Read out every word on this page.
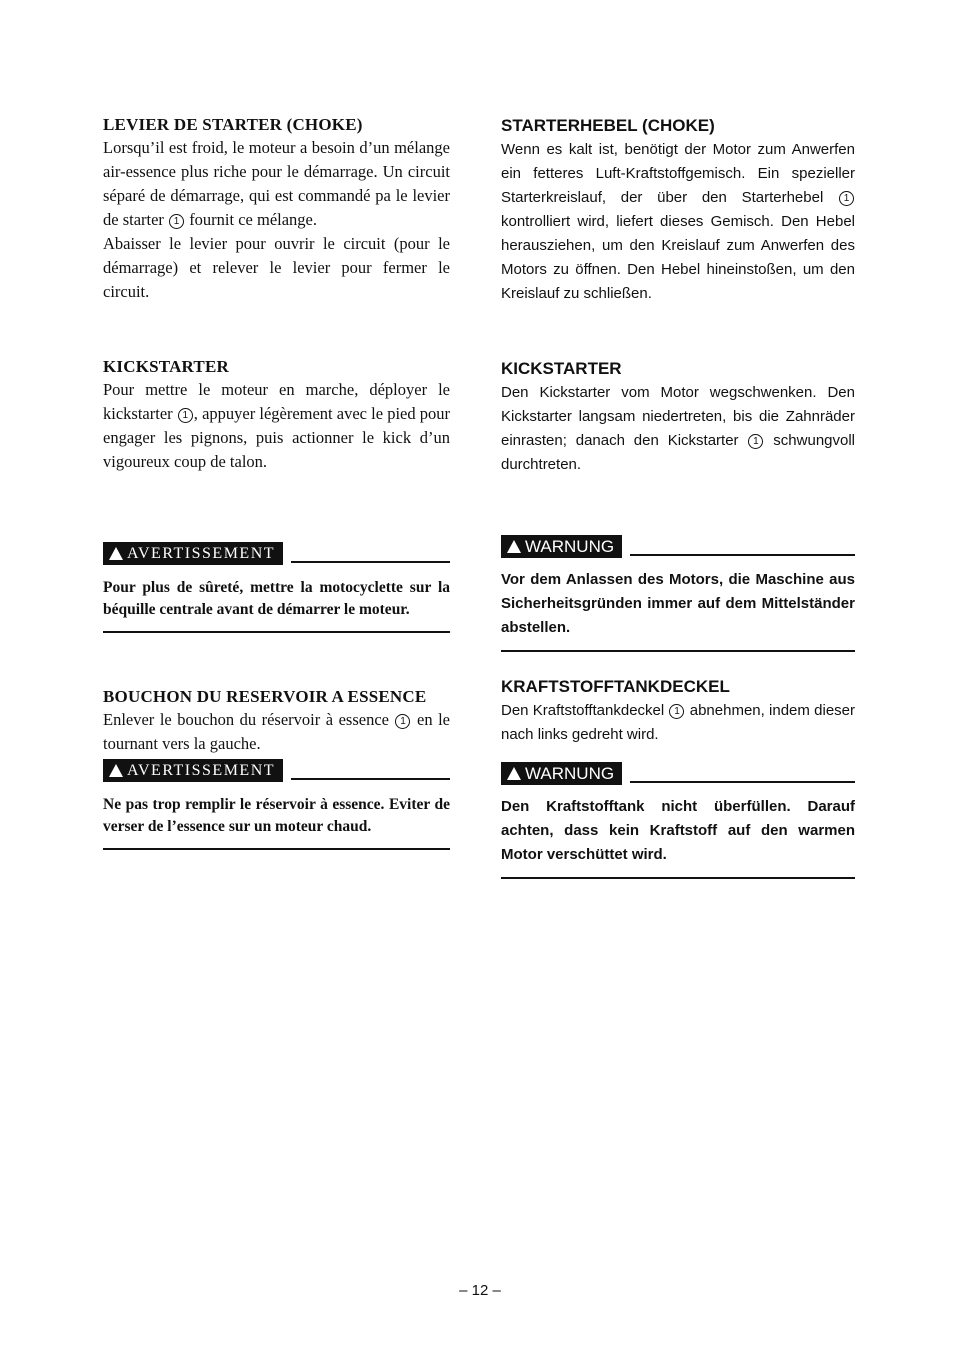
LEVIER DE STARTER (CHOKE)

Lorsqu’il est froid, le moteur a besoin d’un mélange air-essence plus riche pour le démarrage. Un circuit séparé de démarrage, qui est commandé pa le levier de starter 1 fournit ce mélange.

Abaisser le levier pour ouvrir le circuit (pour le démarrage) et relever le levier pour fermer le circuit.

KICKSTARTER

Pour mettre le moteur en marche, déployer le kickstarter 1 , appuyer légèrement avec le pied pour engager les pignons, puis actionner le kick d’un vigoureux coup de talon.

AVERTISSEMENT

Pour plus de sûreté, mettre la motocyclette sur la béquille centrale avant de démarrer le moteur.

BOUCHON DU RESERVOIR A ESSENCE

Enlever le bouchon du réservoir à essence 1 en le tournant vers la gauche.

AVERTISSEMENT

Ne pas trop remplir le réservoir à essence. Eviter de verser de l’essence sur un moteur chaud.

STARTERHEBEL (CHOKE)

Wenn es kalt ist, benötigt der Motor zum Anwerfen ein fetteres Luft-Kraftstoffgemisch. Ein spezieller Starterkreislauf, der über den Starterhebel 1 kontrolliert wird, liefert dieses Gemisch. Den Hebel herausziehen, um den Kreislauf zum Anwerfen des Motors zu öffnen. Den Hebel hineinstoßen, um den Kreislauf zu schließen.

KICKSTARTER

Den Kickstarter vom Motor wegschwenken. Den Kickstarter langsam niedertreten, bis die Zahnräder einrasten; danach den Kickstarter 1 schwungvoll durchtreten.

WARNUNG

Vor dem Anlassen des Motors, die Maschine aus Sicherheitsgründen immer auf dem Mittelständer abstellen.

KRAFTSTOFFTANKDECKEL

Den Kraftstofftankdeckel 1 abnehmen, indem dieser nach links gedreht wird.

WARNUNG

Den Kraftstofftank nicht überfüllen. Darauf achten, dass kein Kraftstoff auf den warmen Motor verschüttet wird.

– 12 –
